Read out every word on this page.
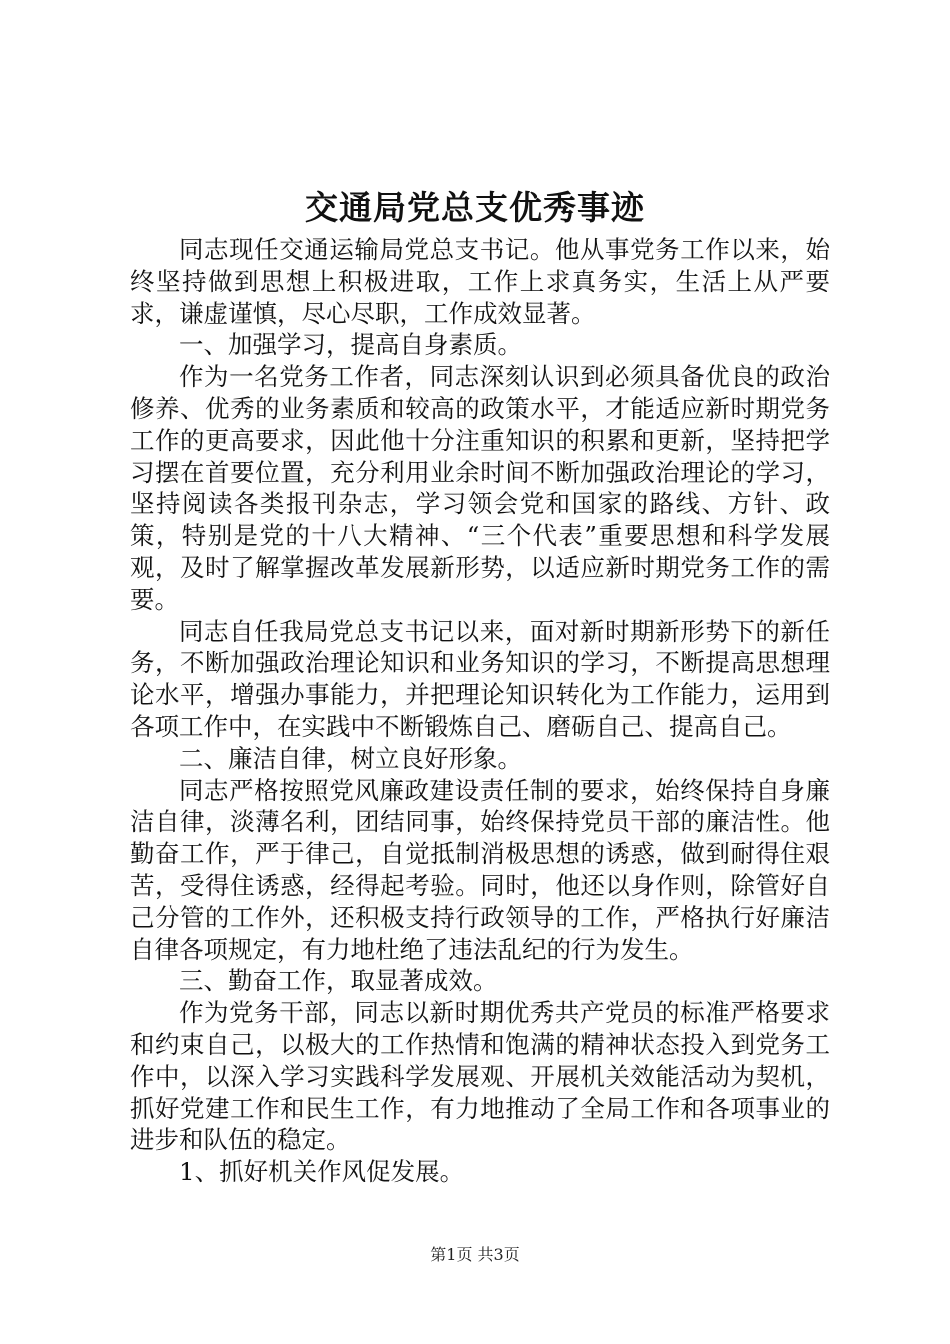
交通局党总支优秀事迹

同志现任交通运输局党总支书记。他从事党务工作以来，始终坚持做到思想上积极进取，工作上求真务实，生活上从严要求，谦虚谨慎，尽心尽职，工作成效显著。

一、加强学习，提高自身素质。

作为一名党务工作者，同志深刻认识到必须具备优良的政治修养、优秀的业务素质和较高的政策水平，才能适应新时期党务工作的更高要求，因此他十分注重知识的积累和更新，坚持把学习摆在首要位置，充分利用业余时间不断加强政治理论的学习，坚持阅读各类报刊杂志，学习领会党和国家的路线、方针、政策，特别是党的十八大精神、“三个代表”重要思想和科学发展观，及时了解掌握改革发展新形势，以适应新时期党务工作的需要。

同志自任我局党总支书记以来，面对新时期新形势下的新任务，不断加强政治理论知识和业务知识的学习，不断提高思想理论水平，增强办事能力，并把理论知识转化为工作能力，运用到各项工作中，在实践中不断锻炼自己、磨砺自己、提高自己。

二、廉洁自律，树立良好形象。

同志严格按照党风廉政建设责任制的要求，始终保持自身廉洁自律，淡薄名利，团结同事，始终保持党员干部的廉洁性。他勤奋工作，严于律己，自觉抵制消极思想的诱惑，做到耐得住艰苦，受得住诱惑，经得起考验。同时，他还以身作则，除管好自己分管的工作外，还积极支持行政领导的工作，严格执行好廉洁自律各项规定，有力地杜绝了违法乱纪的行为发生。

三、勤奋工作，取显著成效。

作为党务干部，同志以新时期优秀共产党员的标准严格要求和约束自己，以极大的工作热情和饱满的精神状态投入到党务工作中，以深入学习实践科学发展观、开展机关效能活动为契机，抓好党建工作和民生工作，有力地推动了全局工作和各项事业的进步和队伍的稳定。

1、抓好机关作风促发展。

第1页 共3页
